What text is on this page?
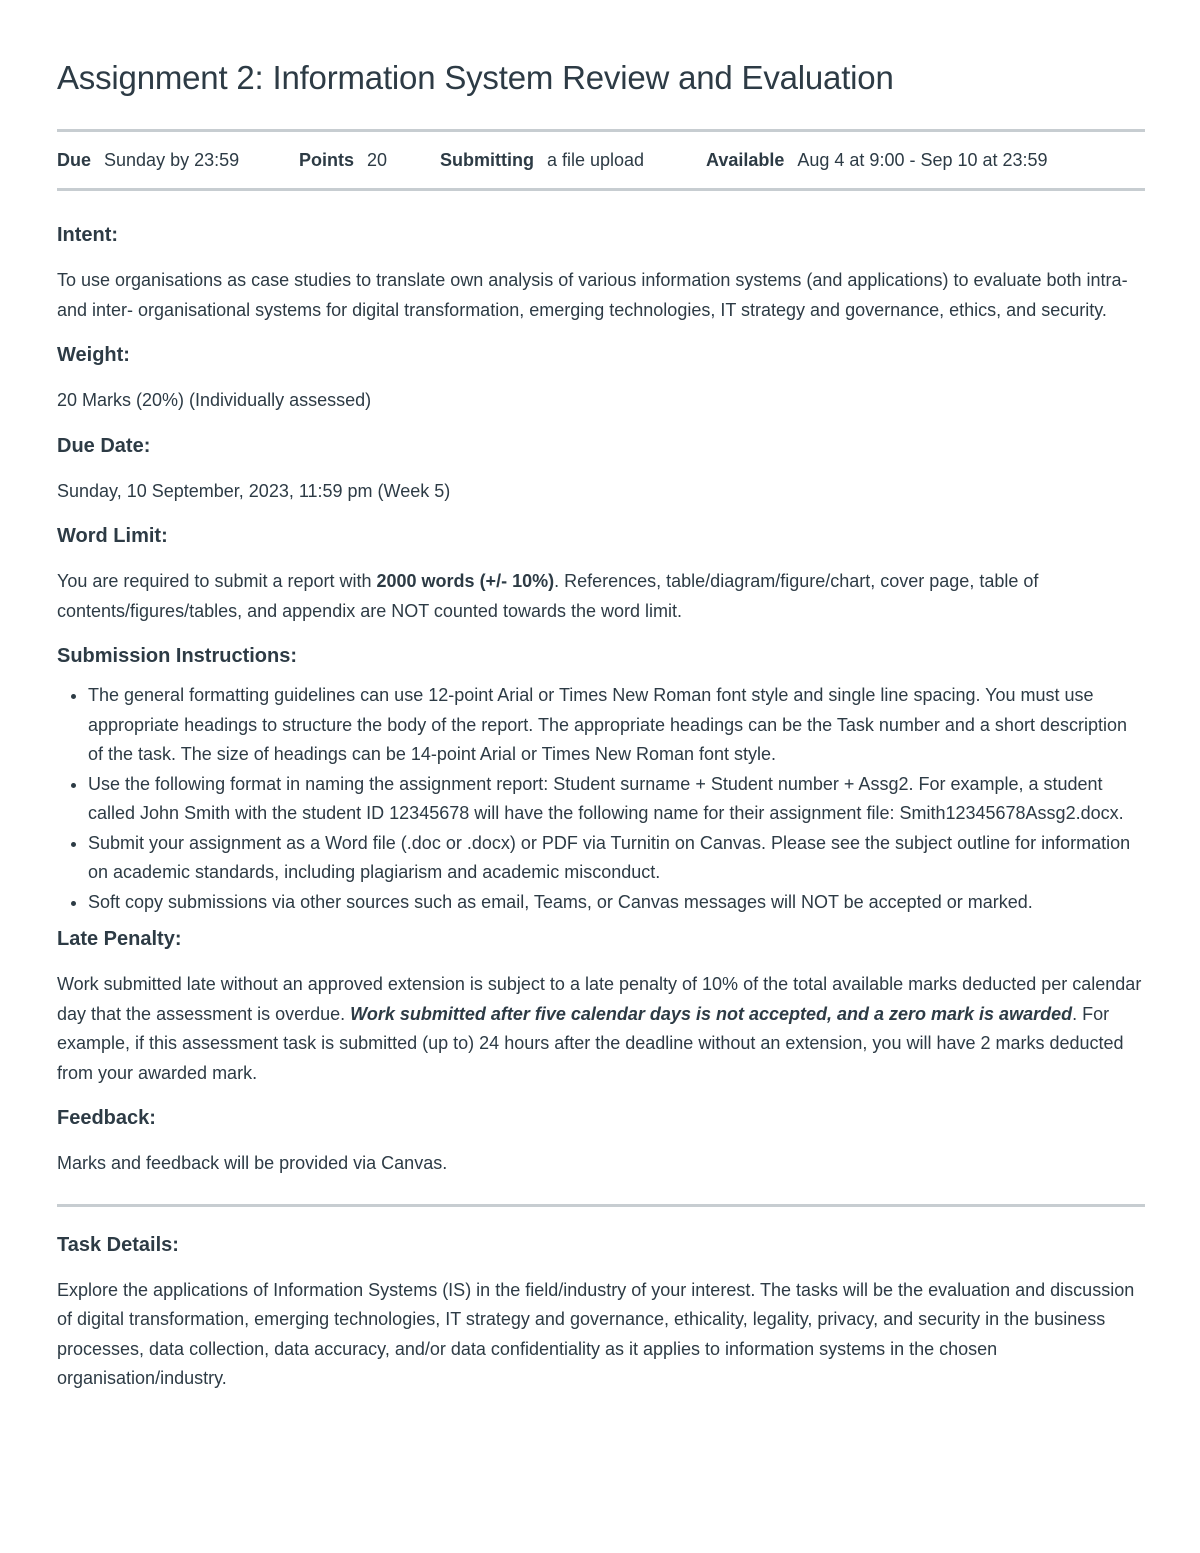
Assignment 2: Information System Review and Evaluation
Due Sunday by 23:59	Points 20	Submitting a file upload	Available Aug 4 at 9:00 - Sep 10 at 23:59
Intent:

To use organisations as case studies to translate own analysis of various information systems (and applications) to evaluate both intra- and inter- organisational systems for digital transformation, emerging technologies, IT strategy and governance, ethics, and security.

Weight:

20 Marks (20%) (Individually assessed)

Due Date:

Sunday, 10 September, 2023, 11:59 pm (Week 5)

Word Limit:

You are required to submit a report with 2000 words (+/- 10%). References, table/diagram/figure/chart, cover page, table of contents/figures/tables, and appendix are NOT counted towards the word limit.

Submission Instructions:
• The general formatting guidelines can use 12-point Arial or Times New Roman font style and single line spacing. You must use appropriate headings to structure the body of the report. The appropriate headings can be the Task number and a short description of the task. The size of headings can be 14-point Arial or Times New Roman font style.
• Use the following format in naming the assignment report: Student surname + Student number + Assg2. For example, a student called John Smith with the student ID 12345678 will have the following name for their assignment file: Smith12345678Assg2.docx.
• Submit your assignment as a Word file (.doc or .docx) or PDF via Turnitin on Canvas. Please see the subject outline for information on academic standards, including plagiarism and academic misconduct.
• Soft copy submissions via other sources such as email, Teams, or Canvas messages will NOT be accepted or marked.
Late Penalty:

Work submitted late without an approved extension is subject to a late penalty of 10% of the total available marks deducted per calendar day that the assessment is overdue. Work submitted after five calendar days is not accepted, and a zero mark is awarded. For example, if this assessment task is submitted (up to) 24 hours after the deadline without an extension, you will have 2 marks deducted from your awarded mark.

Feedback:

Marks and feedback will be provided via Canvas.

Task Details:

Explore the applications of Information Systems (IS) in the field/industry of your interest. The tasks will be the evaluation and discussion of digital transformation, emerging technologies, IT strategy and governance, ethicality, legality, privacy, and security in the business processes, data collection, data accuracy, and/or data confidentiality as it applies to information systems in the chosen organisation/industry.
